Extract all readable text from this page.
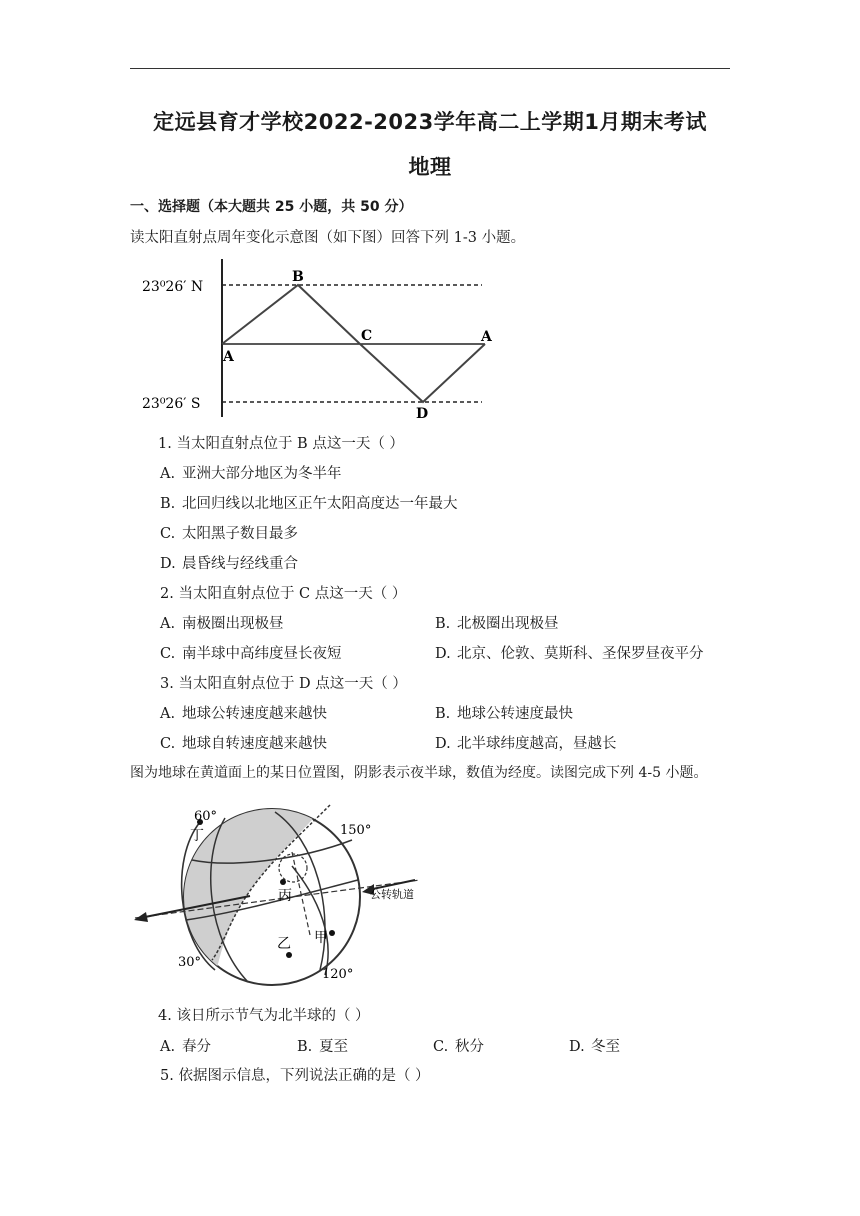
定远县育才学校2022-2023学年高二上学期1月期末考试
地理
一、选择题（本大题共 25 小题，共 50 分）
读太阳直射点周年变化示意图（如下图）回答下列 1-3 小题。
23⁰26′ N
23⁰26′ S
A
B
C
D
A
1. 当太阳直射点位于 B 点这一天（ ）
A. 亚洲大部分地区为冬半年
B. 北回归线以北地区正午太阳高度达一年最大
C. 太阳黑子数目最多
D. 晨昏线与经线重合
2. 当太阳直射点位于 C 点这一天（ ）
A. 南极圈出现极昼	B. 北极圈出现极昼
C. 南半球中高纬度昼长夜短	D. 北京、伦敦、莫斯科、圣保罗昼夜平分
3. 当太阳直射点位于 D 点这一天（ ）
A. 地球公转速度越来越快	B. 地球公转速度最快
C. 地球自转速度越来越快	D. 北半球纬度越高，昼越长
图为地球在黄道面上的某日位置图，阴影表示夜半球，数值为经度。读图完成下列 4-5 小题。
60°
150°
30°
120°
丁
丙
乙 甲
公转轨道
4. 该日所示节气为北半球的（ ）
A. 春分	B. 夏至	C. 秋分	D. 冬至
5. 依据图示信息，下列说法正确的是（ ）
